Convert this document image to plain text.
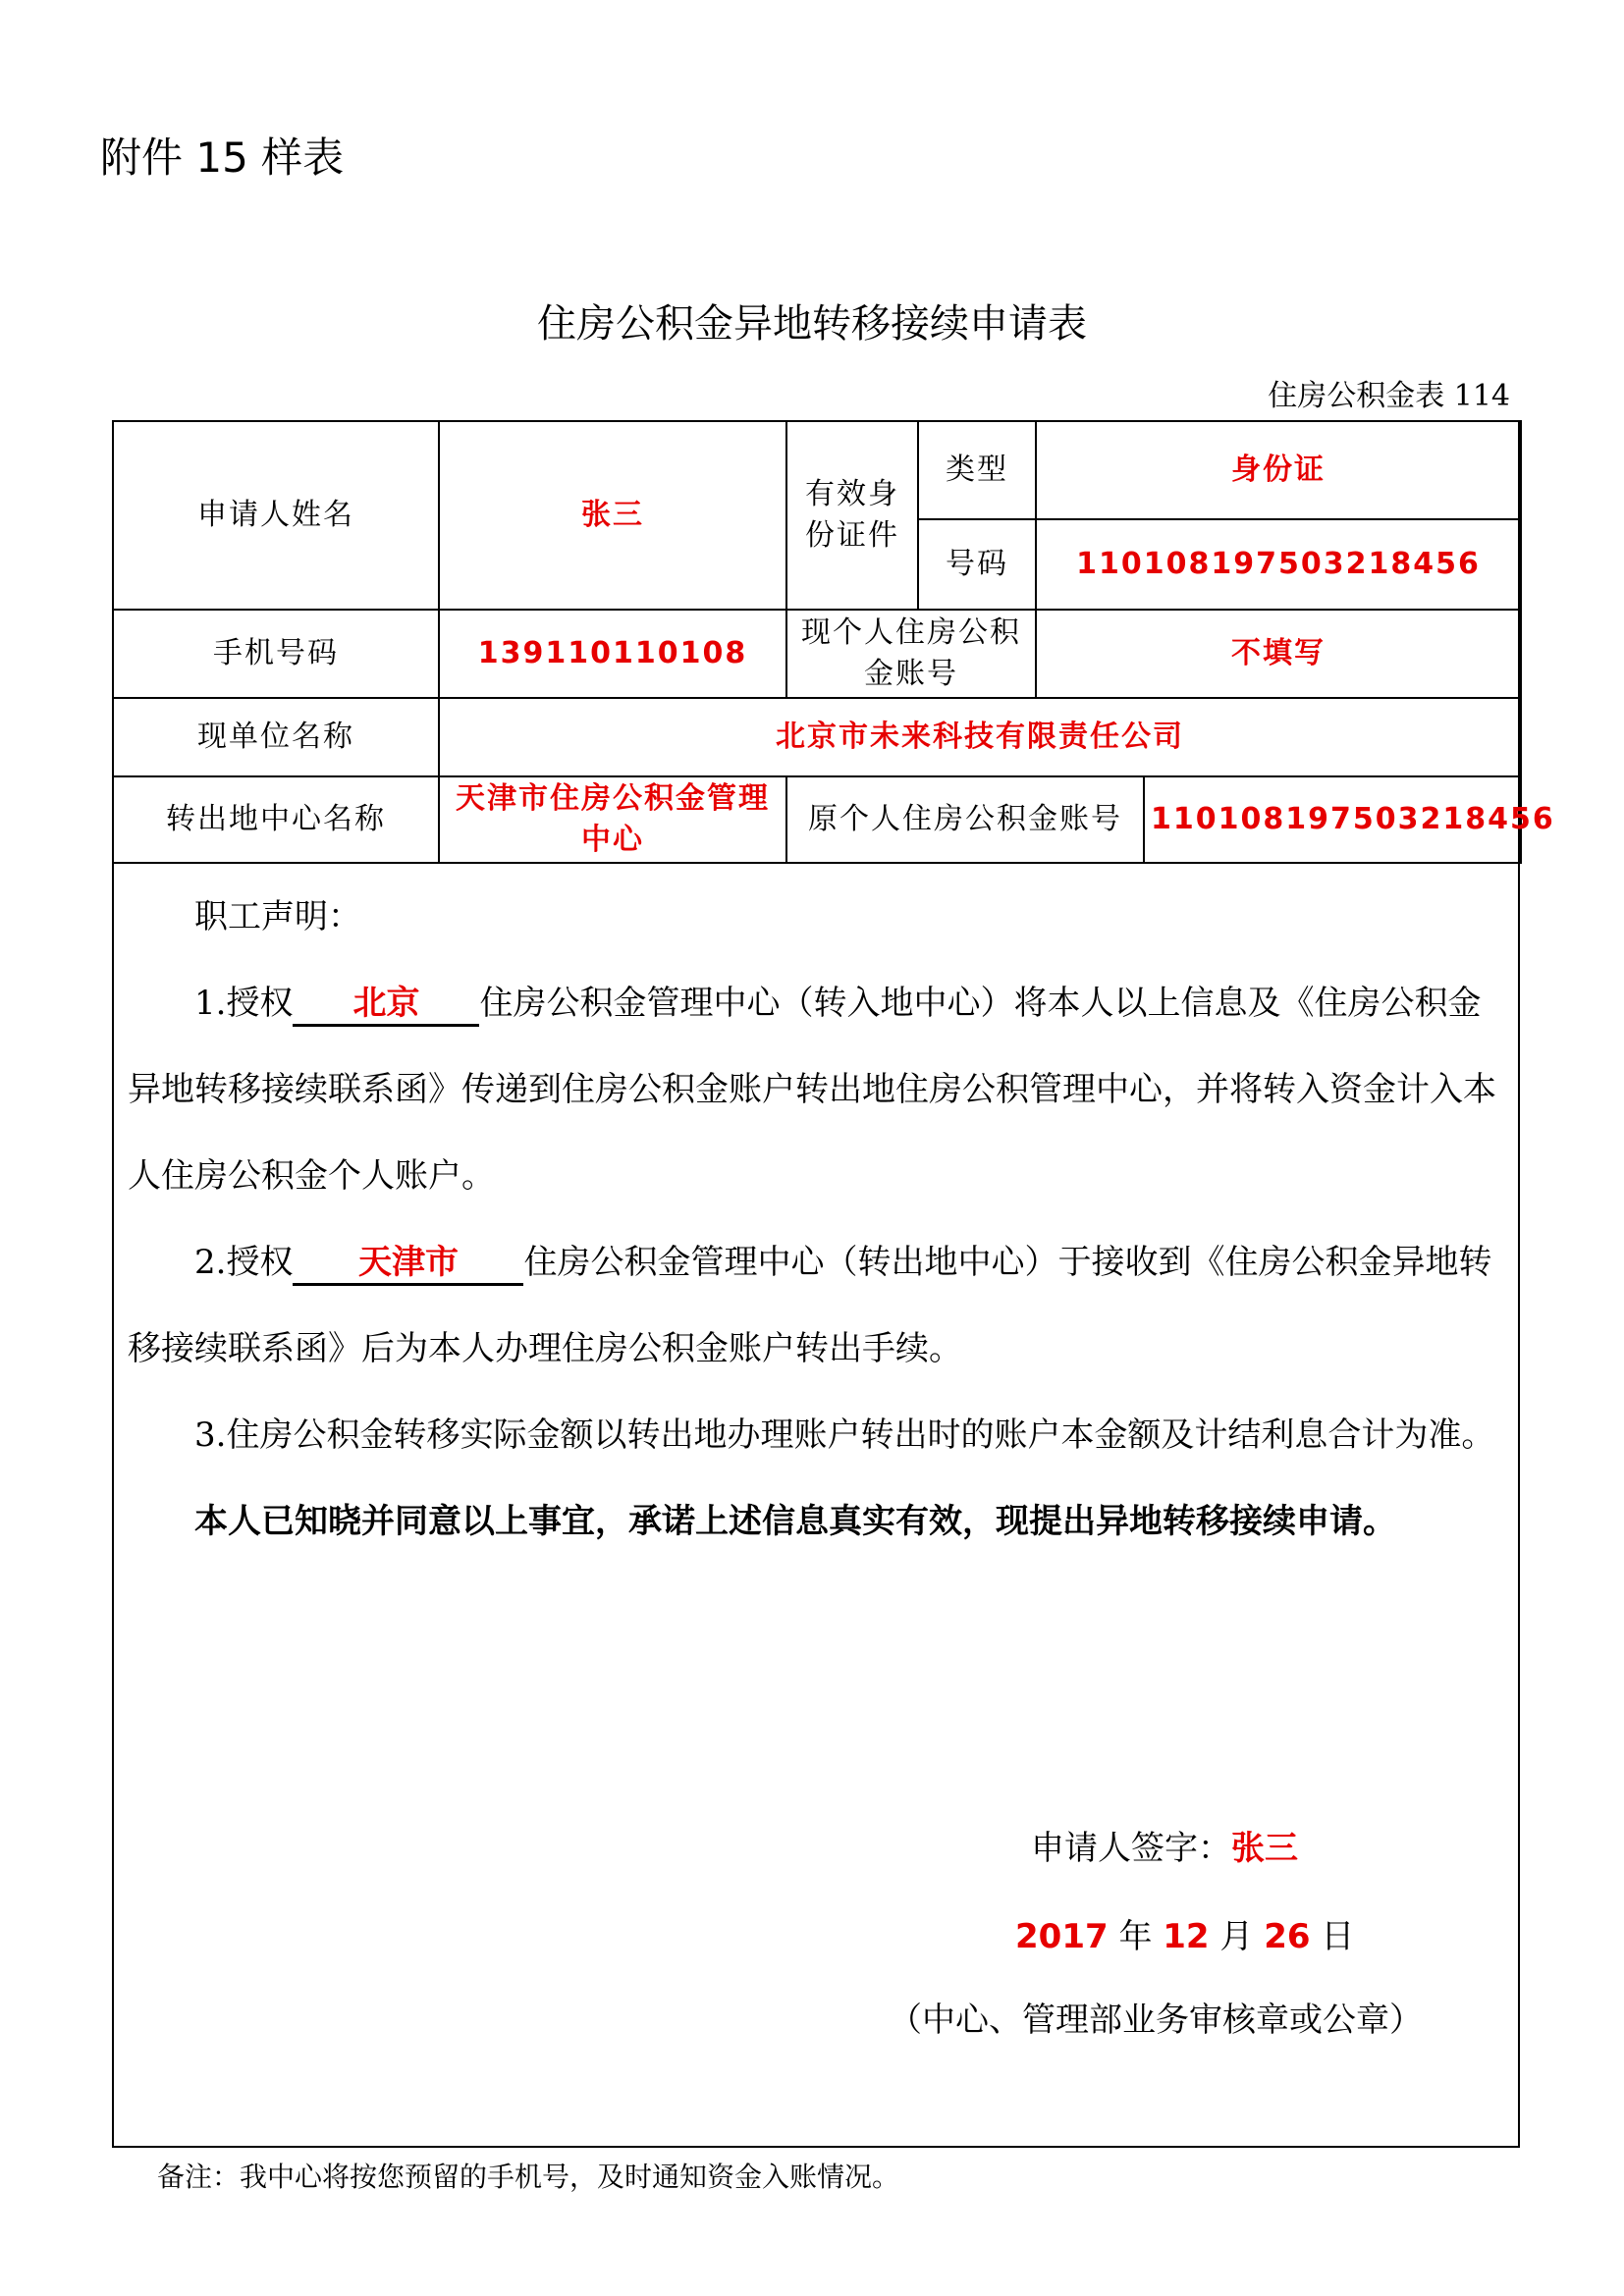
附件 15 样表
住房公积金异地转移接续申请表
住房公积金表 114
申请人姓名	张三	有效身份证件	类型	身份证	
			号码	110108197503218456	
手机号码	139110110108	现个人住房公积金账号		不填写	
现单位名称	北京市未来科技有限责任公司				
转出地中心名称	天津市住房公积金管理中心	原个人住房公积金账号			110108197503218456

职工声明：

1.授权 北京 住房公积金管理中心（转入地中心）将本人以上信息及《住房公积金异地转移接续联系函》传递到住房公积金账户转出地住房公积管理中心，并将转入资金计入本人住房公积金个人账户。

2.授权 天津市 住房公积金管理中心（转出地中心）于接收到《住房公积金异地转移接续联系函》后为本人办理住房公积金账户转出手续。

3.住房公积金转移实际金额以转出地办理账户转出时的账户本金额及计结利息合计为准。

本人已知晓并同意以上事宜，承诺上述信息真实有效，现提出异地转移接续申请。

申请人签字：张三
2017 年 12 月 26 日
（中心、管理部业务审核章或公章）
备注：我中心将按您预留的手机号，及时通知资金入账情况。
